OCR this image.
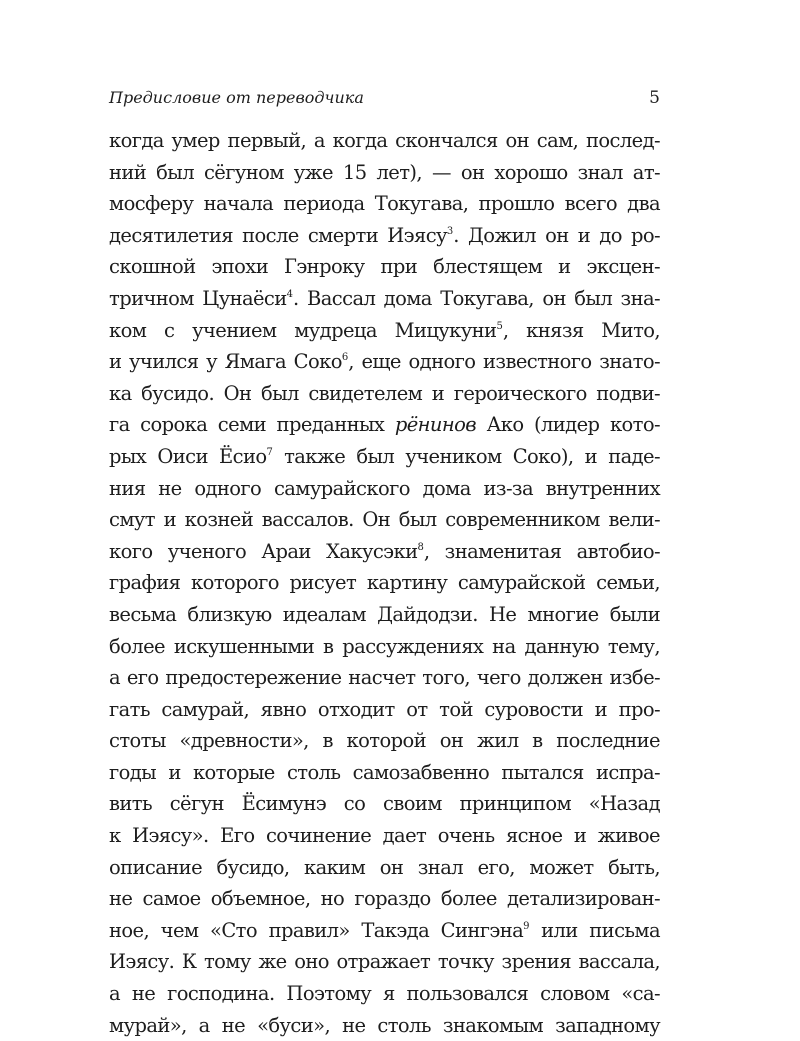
Предисловие от переводчика	5
когда умер первый, а когда скончался он сам, послед-
ний был сёгуном уже 15 лет), — он хорошо знал ат-
мосферу начала периода Токугава, прошло всего два
десятилетия после смерти Иэясу$^3$. Дожил он и до ро-
скошной эпохи Гэнроку при блестящем и эксцен-
тричном Цунаёси$^4$. Вассал дома Токугава, он был зна-
ком с учением мудреца Мицукуни$^5$, князя Мито,
и учился у Ямага Соко$^6$, еще одного известного знато-
ка бусидо. Он был свидетелем и героического подви-
га сорока семи преданных рёнинов Ако (лидер кото-
рых Оиси Ёсио$^7$ также был учеником Соко), и паде-
ния не одного самурайского дома из-за внутренних
смут и козней вассалов. Он был современником вели-
кого ученого Араи Хакусэки$^8$, знаменитая автобио-
графия которого рисует картину самурайской семьи,
весьма близкую идеалам Дайдодзи. Не многие были
более искушенными в рассуждениях на данную тему,
а его предостережение насчет того, чего должен избе-
гать самурай, явно отходит от той суровости и про-
стоты «древности», в которой он жил в последние
годы и которые столь самозабвенно пытался испра-
вить сёгун Ёсимунэ со своим принципом «Назад
к Иэясу». Его сочинение дает очень ясное и живое
описание бусидо, каким он знал его, может быть,
не самое объемное, но гораздо более детализирован-
ное, чем «Сто правил» Такэда Сингэна$^9$ или письма
Иэясу. К тому же оно отражает точку зрения вассала,
а не господина. Поэтому я пользовался словом «са-
мурай», а не «буси», не столь знакомым западному
